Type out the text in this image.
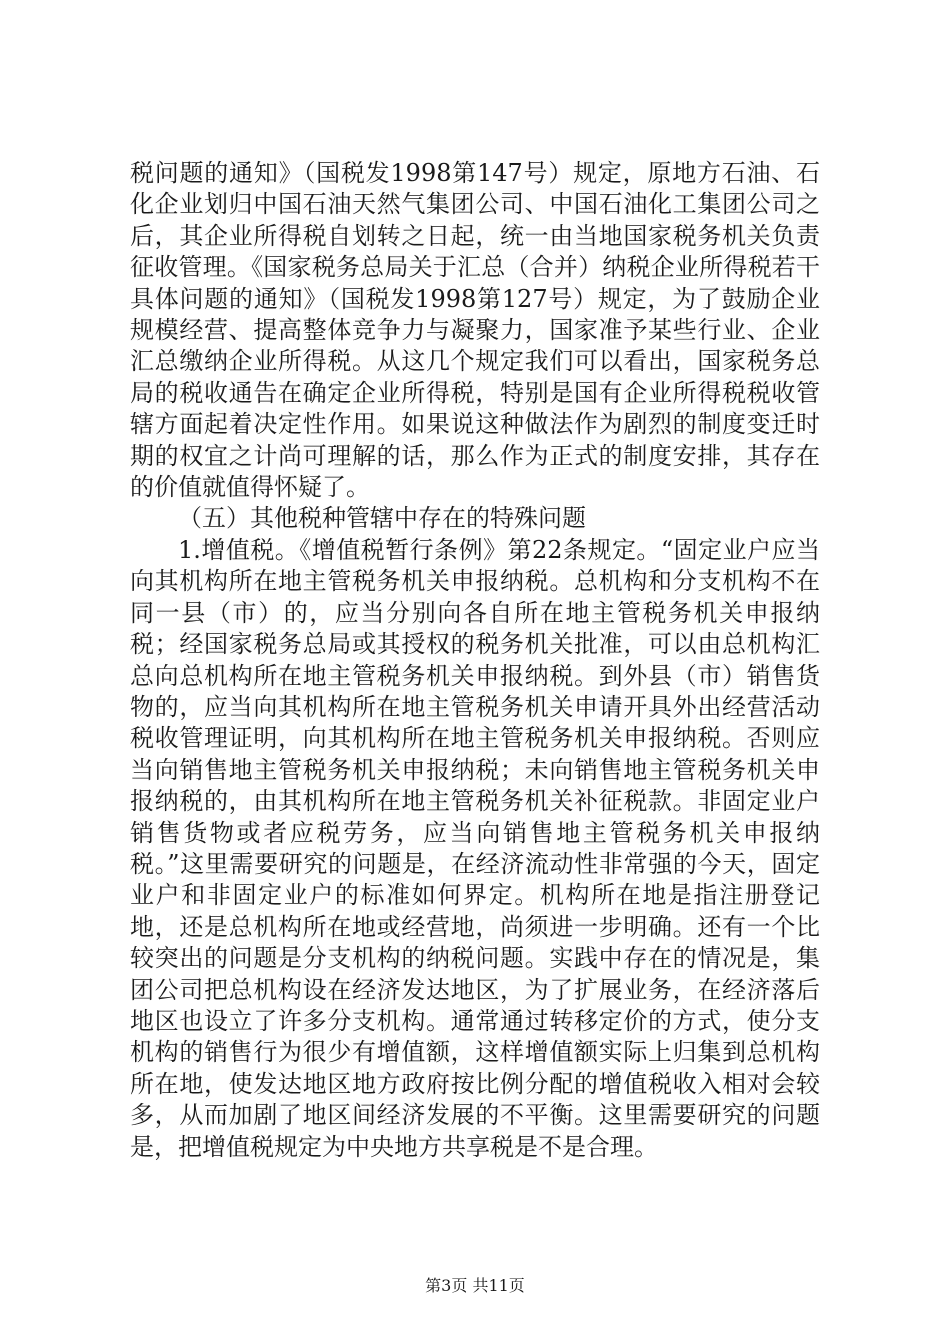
税问题的通知》（国税发1998第147号）规定，原地方石油、石化企业划归中国石油天然气集团公司、中国石油化工集团公司之后，其企业所得税自划转之日起，统一由当地国家税务机关负责征收管理。《国家税务总局关于汇总（合并）纳税企业所得税若干具体问题的通知》（国税发1998第127号）规定，为了鼓励企业规模经营、提高整体竞争力与凝聚力，国家准予某些行业、企业汇总缴纳企业所得税。从这几个规定我们可以看出，国家税务总局的税收通告在确定企业所得税，特别是国有企业所得税税收管辖方面起着决定性作用。如果说这种做法作为剧烈的制度变迁时期的权宜之计尚可理解的话，那么作为正式的制度安排，其存在的价值就值得怀疑了。

（五）其他税种管辖中存在的特殊问题

1.增值税。《增值税暂行条例》第22条规定。“固定业户应当向其机构所在地主管税务机关申报纳税。总机构和分支机构不在同一县（市）的，应当分别向各自所在地主管税务机关申报纳税；经国家税务总局或其授权的税务机关批准，可以由总机构汇总向总机构所在地主管税务机关申报纳税。到外县（市）销售货物的，应当向其机构所在地主管税务机关申请开具外出经营活动税收管理证明，向其机构所在地主管税务机关申报纳税。否则应当向销售地主管税务机关申报纳税；未向销售地主管税务机关申报纳税的，由其机构所在地主管税务机关补征税款。非固定业户销售货物或者应税劳务，应当向销售地主管税务机关申报纳税。”这里需要研究的问题是，在经济流动性非常强的今天，固定业户和非固定业户的标准如何界定。机构所在地是指注册登记地，还是总机构所在地或经营地，尚须进一步明确。还有一个比较突出的问题是分支机构的纳税问题。实践中存在的情况是，集团公司把总机构设在经济发达地区，为了扩展业务，在经济落后地区也设立了许多分支机构。通常通过转移定价的方式，使分支机构的销售行为很少有增值额，这样增值额实际上归集到总机构所在地，使发达地区地方政府按比例分配的增值税收入相对会较多，从而加剧了地区间经济发展的不平衡。这里需要研究的问题是，把增值税规定为中央地方共享税是不是合理。

第3页 共11页
